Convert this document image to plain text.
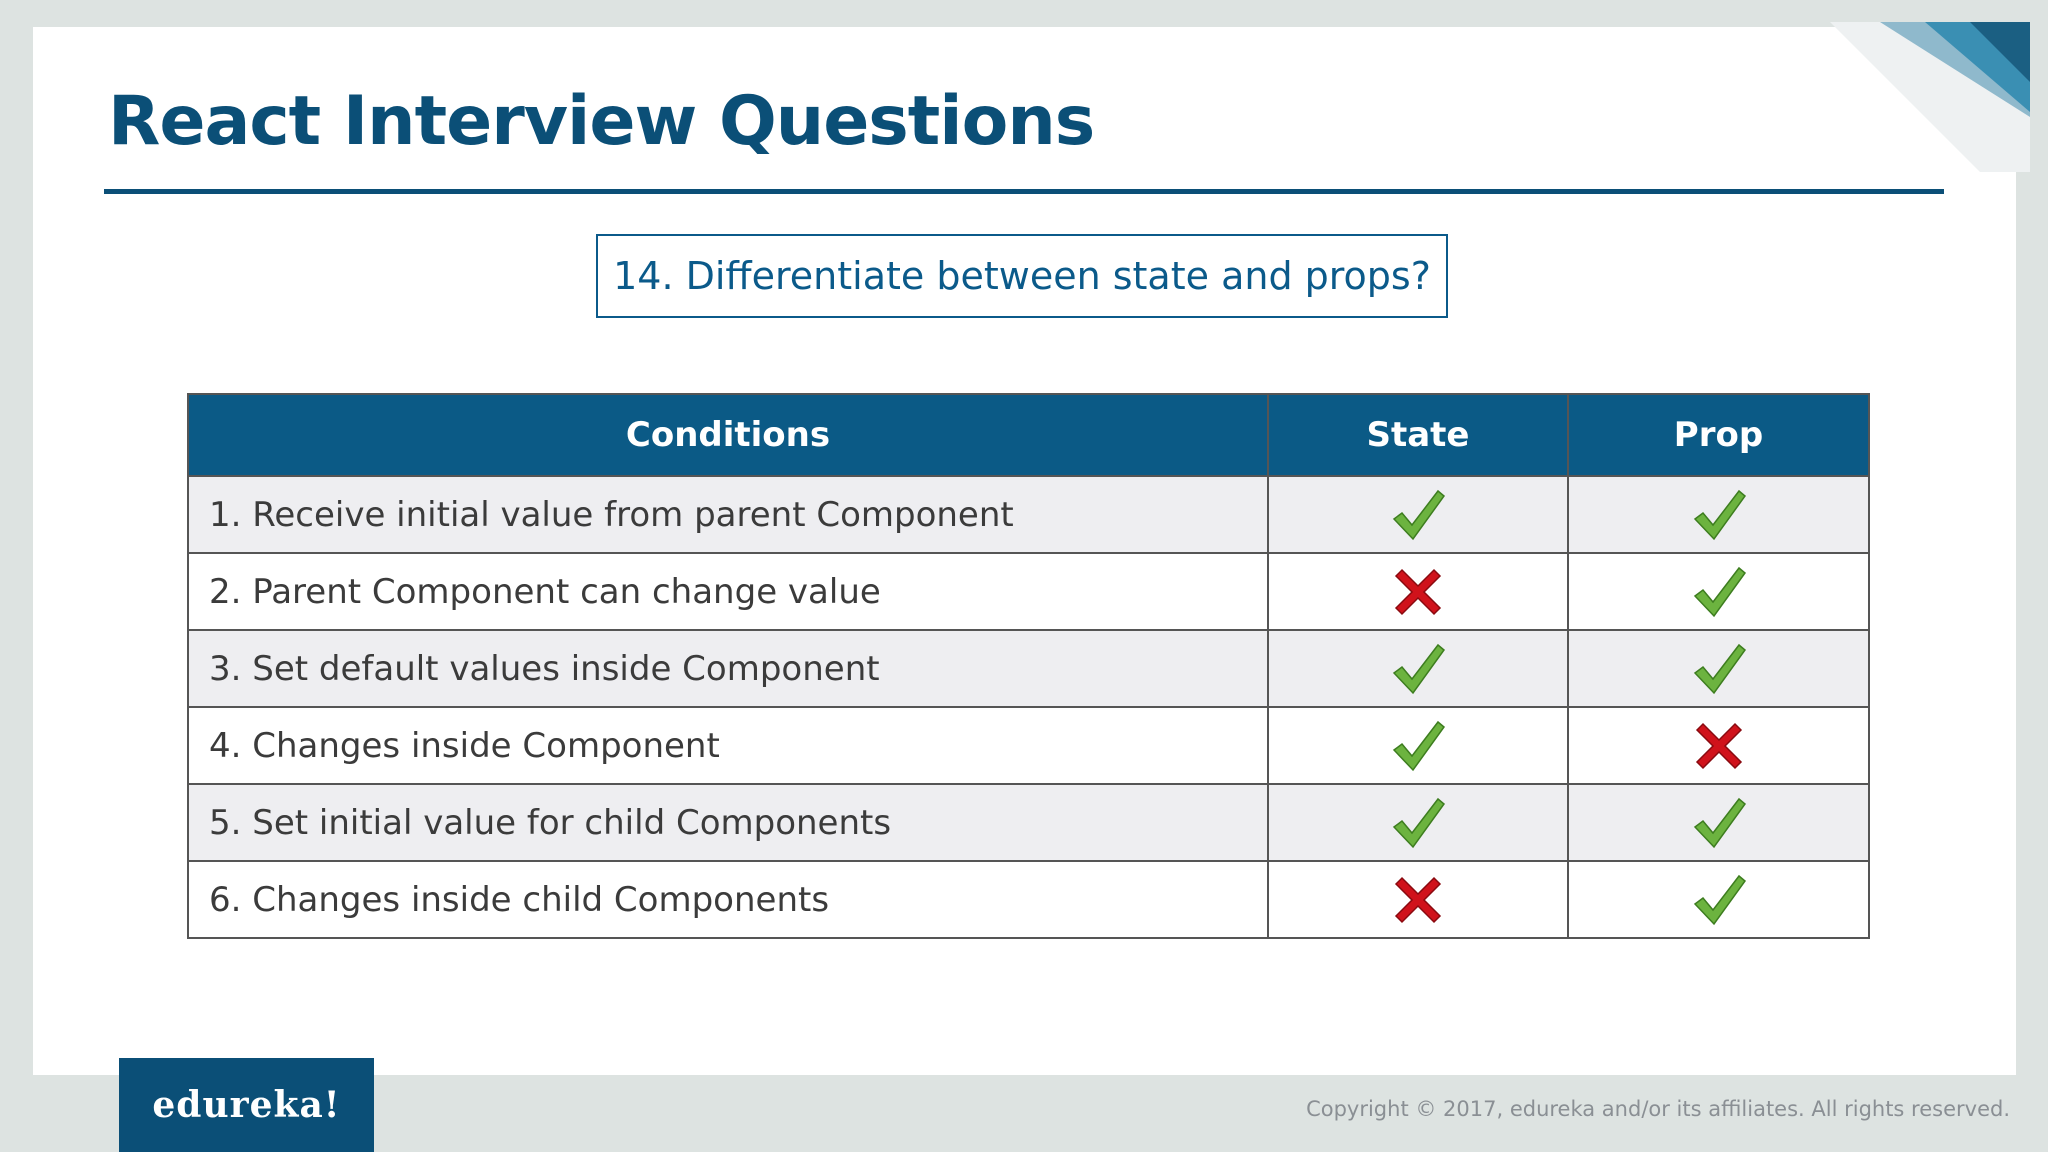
React Interview Questions
14. Differentiate between state and props?
Conditions	State	Prop
1. Receive initial value from parent Component		
2. Parent Component can change value		
3. Set default values inside Component		
4. Changes inside Component		
5. Set initial value for child Components		
6. Changes inside child Components		
edureka!	Copyright © 2017, edureka and/or its affiliates. All rights reserved.
